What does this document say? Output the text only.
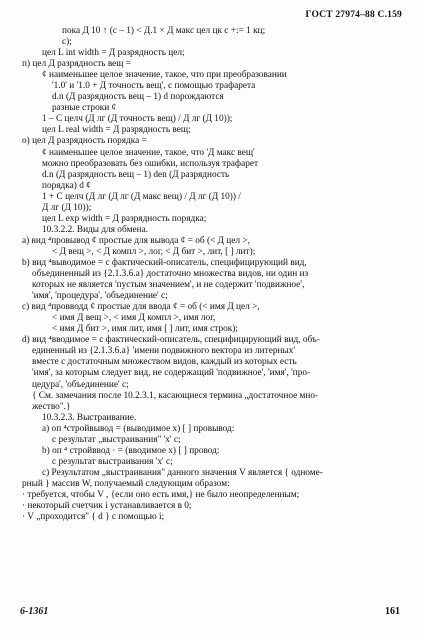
ГОСТ 27974–88 С.159
пока Д 10 ↑ (с – 1) < Д.1 × Д макс цел цк с +:= 1 кц;
с);
цел L int width = Д разрядность цел;
п) цел Д разрядность вещ =
¢ наименьшее целое значение, такое, что при преобразовании
'1.0' и '1.0 + Д точность вещ', с помощью трафарета
d.n (Д разрядность вещ – 1) d порождаются
разные строки ¢
1 – С целч (Д лг (Д точность вещ) / Д лг (Д 10));
цел L real width = Д разрядность вещ;
о) цел Д разрядность порядка =
¢ наименьшее целое значение, такое, что 'Д макс вещ'
можно преобразовать без ошибки, используя трафарет
d.n (Д разрядность вещ – 1) den (Д разрядность
порядка) d ¢
1 + С целч (Д лг (Д лг (Д макс вещ) / Д лг (Д 10)) /
Д лг (Д 10));
цел L exp width = Д разрядность порядка;
10.3.2.2. Виды для обмена.
a) вид ⁴провывод ¢ простые для вывода ¢ = об (< Д цел >,
< Д вещ >, < Д компл >, лог, < Д бит >, лит, [ ] лит);
b) вид ⁴выводимое = с фактический-описатель, специфицирующий вид,
объединенный из {2.1.3.6.a} достаточно множества видов, ни один из
которых не является 'пустым значением', и не содержит 'подвижное',
'имя', 'процедура', 'объединение' с;
c) вид ⁴провводд ¢ простые для ввода ¢ = об (< имя Д цел >,
< имя Д вещ >, < имя Д компл >, имя лог,
< имя Д бит >, имя лит, имя [ ] лит, имя строк);
d) вид ⁴вводимое = с фактический-описатель, специфицирующий вид, объ-
единенный из {2.1.3.6.a} 'имени подвижного вектора из литерных'
вместе с достаточным множеством видов, каждый из которых есть
'имя', за которым следует вид, не содержащий 'подвижное', 'имя', 'про-
цедура', 'объединение' с;
{ См. замечания после 10.2.3.1, касающиеся термина „достаточное мно-
жество".}
10.3.2.3. Выстраивание.
a) оп ⁴стройвывод = (выводимое x) [ ] провывод:
с результат „выстраивания" 'x' с;
b) оп ⁴ стройввод · = (вводимое x) [ ] провод:
с результат выстраивания 'x' с;
c) Результатом „выстраивания" данного значения V является { одноме-
рный } массив W, получаемый следующим образом:
· требуется, чтобы V , {если оно есть имя,} не было неопределенным;
· некоторый счетчик i устанавливается в 0;
· V „проходится" { d } с помощью i;
6-1361	161
